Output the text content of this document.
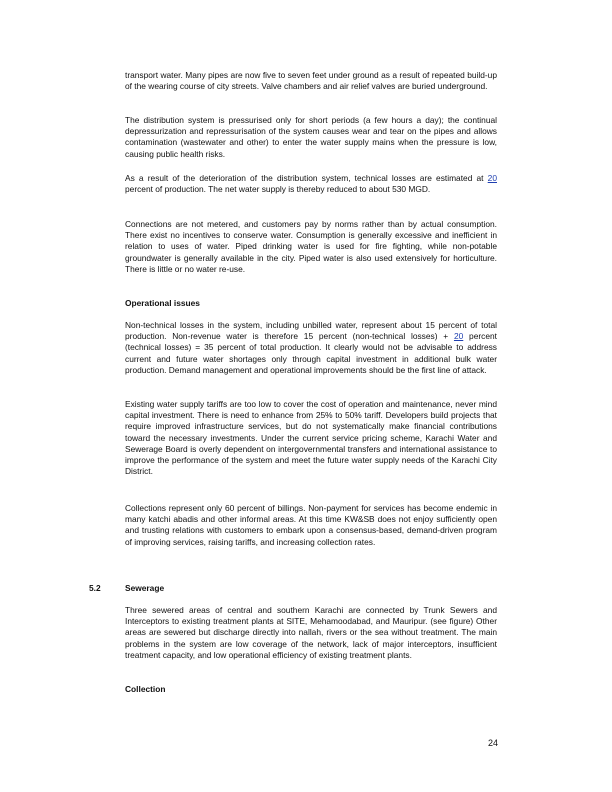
transport water. Many pipes are now five to seven feet under ground as a result of repeated build-up of the wearing course of city streets. Valve chambers and air relief valves are buried underground.

The distribution system is pressurised only for short periods (a few hours a day); the continual depressurization and repressurisation of the system causes wear and tear on the pipes and allows contamination (wastewater and other) to enter the water supply mains when the pressure is low, causing public health risks.

As a result of the deterioration of the distribution system, technical losses are estimated at 20 percent of production. The net water supply is thereby reduced to about 530 MGD.

Connections are not metered, and customers pay by norms rather than by actual consumption. There exist no incentives to conserve water. Consumption is generally excessive and inefficient in relation to uses of water. Piped drinking water is used for fire fighting, while non-potable groundwater is generally available in the city. Piped water is also used extensively for horticulture. There is little or no water re-use.

Operational issues

Non-technical losses in the system, including unbilled water, represent about 15 percent of total production. Non-revenue water is therefore 15 percent (non-technical losses) + 20 percent (technical losses) = 35 percent of total production. It clearly would not be advisable to address current and future water shortages only through capital investment in additional bulk water production. Demand management and operational improvements should be the first line of attack.

Existing water supply tariffs are too low to cover the cost of operation and maintenance, never mind capital investment. There is need to enhance from 25% to 50% tariff. Developers build projects that require improved infrastructure services, but do not systematically make financial contributions toward the necessary investments. Under the current service pricing scheme, Karachi Water and Sewerage Board is overly dependent on intergovernmental transfers and international assistance to improve the performance of the system and meet the future water supply needs of the Karachi City District.

Collections represent only 60 percent of billings. Non-payment for services has become endemic in many katchi abadis and other informal areas. At this time KW&SB does not enjoy sufficiently open and trusting relations with customers to embark upon a consensus-based, demand-driven program of improving services, raising tariffs, and increasing collection rates.

5.2	Sewerage

Three sewered areas of central and southern Karachi are connected by Trunk Sewers and Interceptors to existing treatment plants at SITE, Mehamoodabad, and Mauripur. (see figure) Other areas are sewered but discharge directly into nallah, rivers or the sea without treatment. The main problems in the system are low coverage of the network, lack of major interceptors, insufficient treatment capacity, and low operational efficiency of existing treatment plants.

Collection
24
